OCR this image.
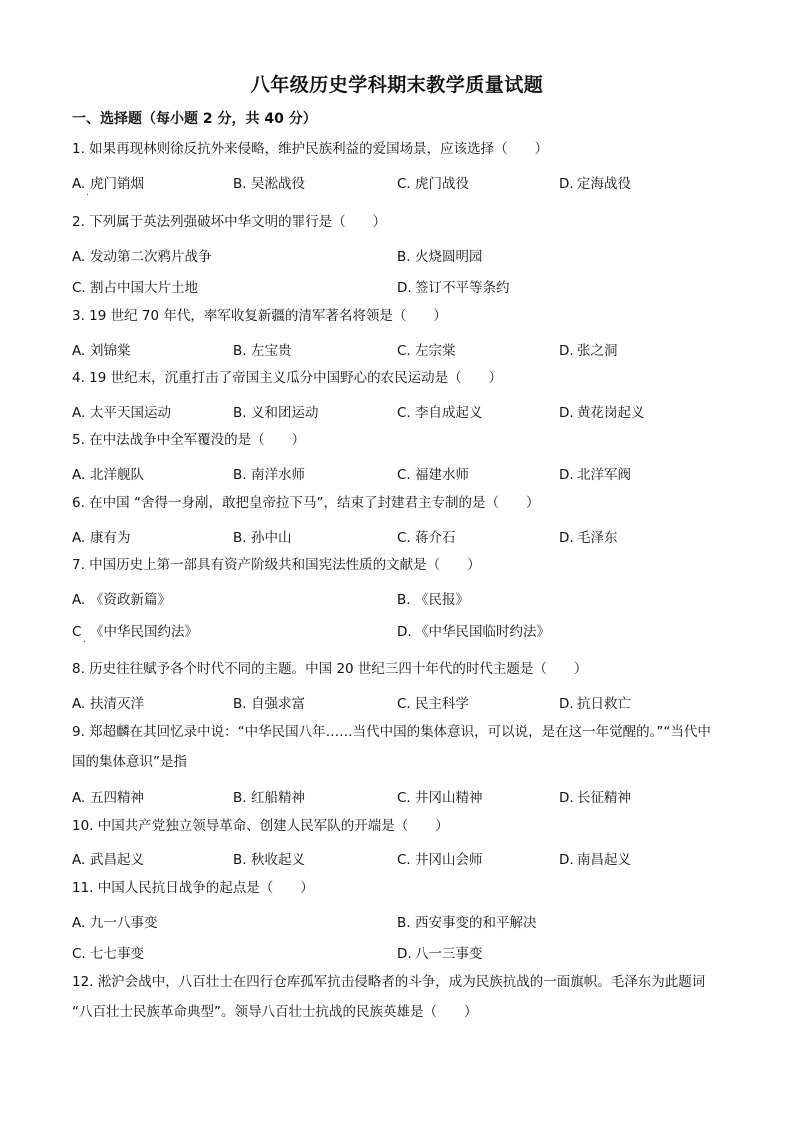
八年级历史学科期末教学质量试题
一、选择题（每小题 2 分，共 40 分）
1. 如果再现林则徐反抗外来侵略，维护民族利益的爱国场景，应该选择（　　）
A. 虎门销烟	B. 吴淞战役	C. 虎门战役	D. 定海战役
·
2. 下列属于英法列强破坏中华文明的罪行是（　　）
A. 发动第二次鸦片战争	B. 火烧圆明园
C. 割占中国大片土地	D. 签订不平等条约
3. 19 世纪 70 年代，率军收复新疆的清军著名将领是（　　）
A. 刘锦棠	B. 左宝贵	C. 左宗棠	D. 张之洞
4. 19 世纪末，沉重打击了帝国主义瓜分中国野心的农民运动是（　　）
A. 太平天国运动	B. 义和团运动	C. 李自成起义	D. 黄花岗起义
5. 在中法战争中全军覆没的是（　　）
A. 北洋舰队	B. 南洋水师	C. 福建水师	D. 北洋军阀
6. 在中国 “舍得一身剐，敢把皇帝拉下马”，结束了封建君主专制的是（　　）
A. 康有为	B. 孙中山	C. 蒋介石	D. 毛泽东
7. 中国历史上第一部具有资产阶级共和国宪法性质的文献是（　　）
A. 《资政新篇》	B. 《民报》
C 《中华民国约法》	D. 《中华民国临时约法》
·
8. 历史往往赋予各个时代不同的主题。中国 20 世纪三四十年代的时代主题是（　　）
A. 扶清灭洋	B. 自强求富	C. 民主科学	D. 抗日救亡
9. 郑超麟在其回忆录中说：“中华民国八年……当代中国的集体意识，可以说，是在这一年觉醒的。”“当代中国的集体意识”是指
A. 五四精神	B. 红船精神	C. 井冈山精神	D. 长征精神
10. 中国共产党独立领导革命、创建人民军队的开端是（　　）
A. 武昌起义	B. 秋收起义	C. 井冈山会师	D. 南昌起义
11. 中国人民抗日战争的起点是（　　）
A. 九一八事变	B. 西安事变的和平解决
C. 七七事变	D. 八一三事变
12. 淞沪会战中，八百壮士在四行仓库孤军抗击侵略者的斗争，成为民族抗战的一面旗帜。毛泽东为此题词 “八百壮士民族革命典型”。领导八百壮士抗战的民族英雄是（　　）
